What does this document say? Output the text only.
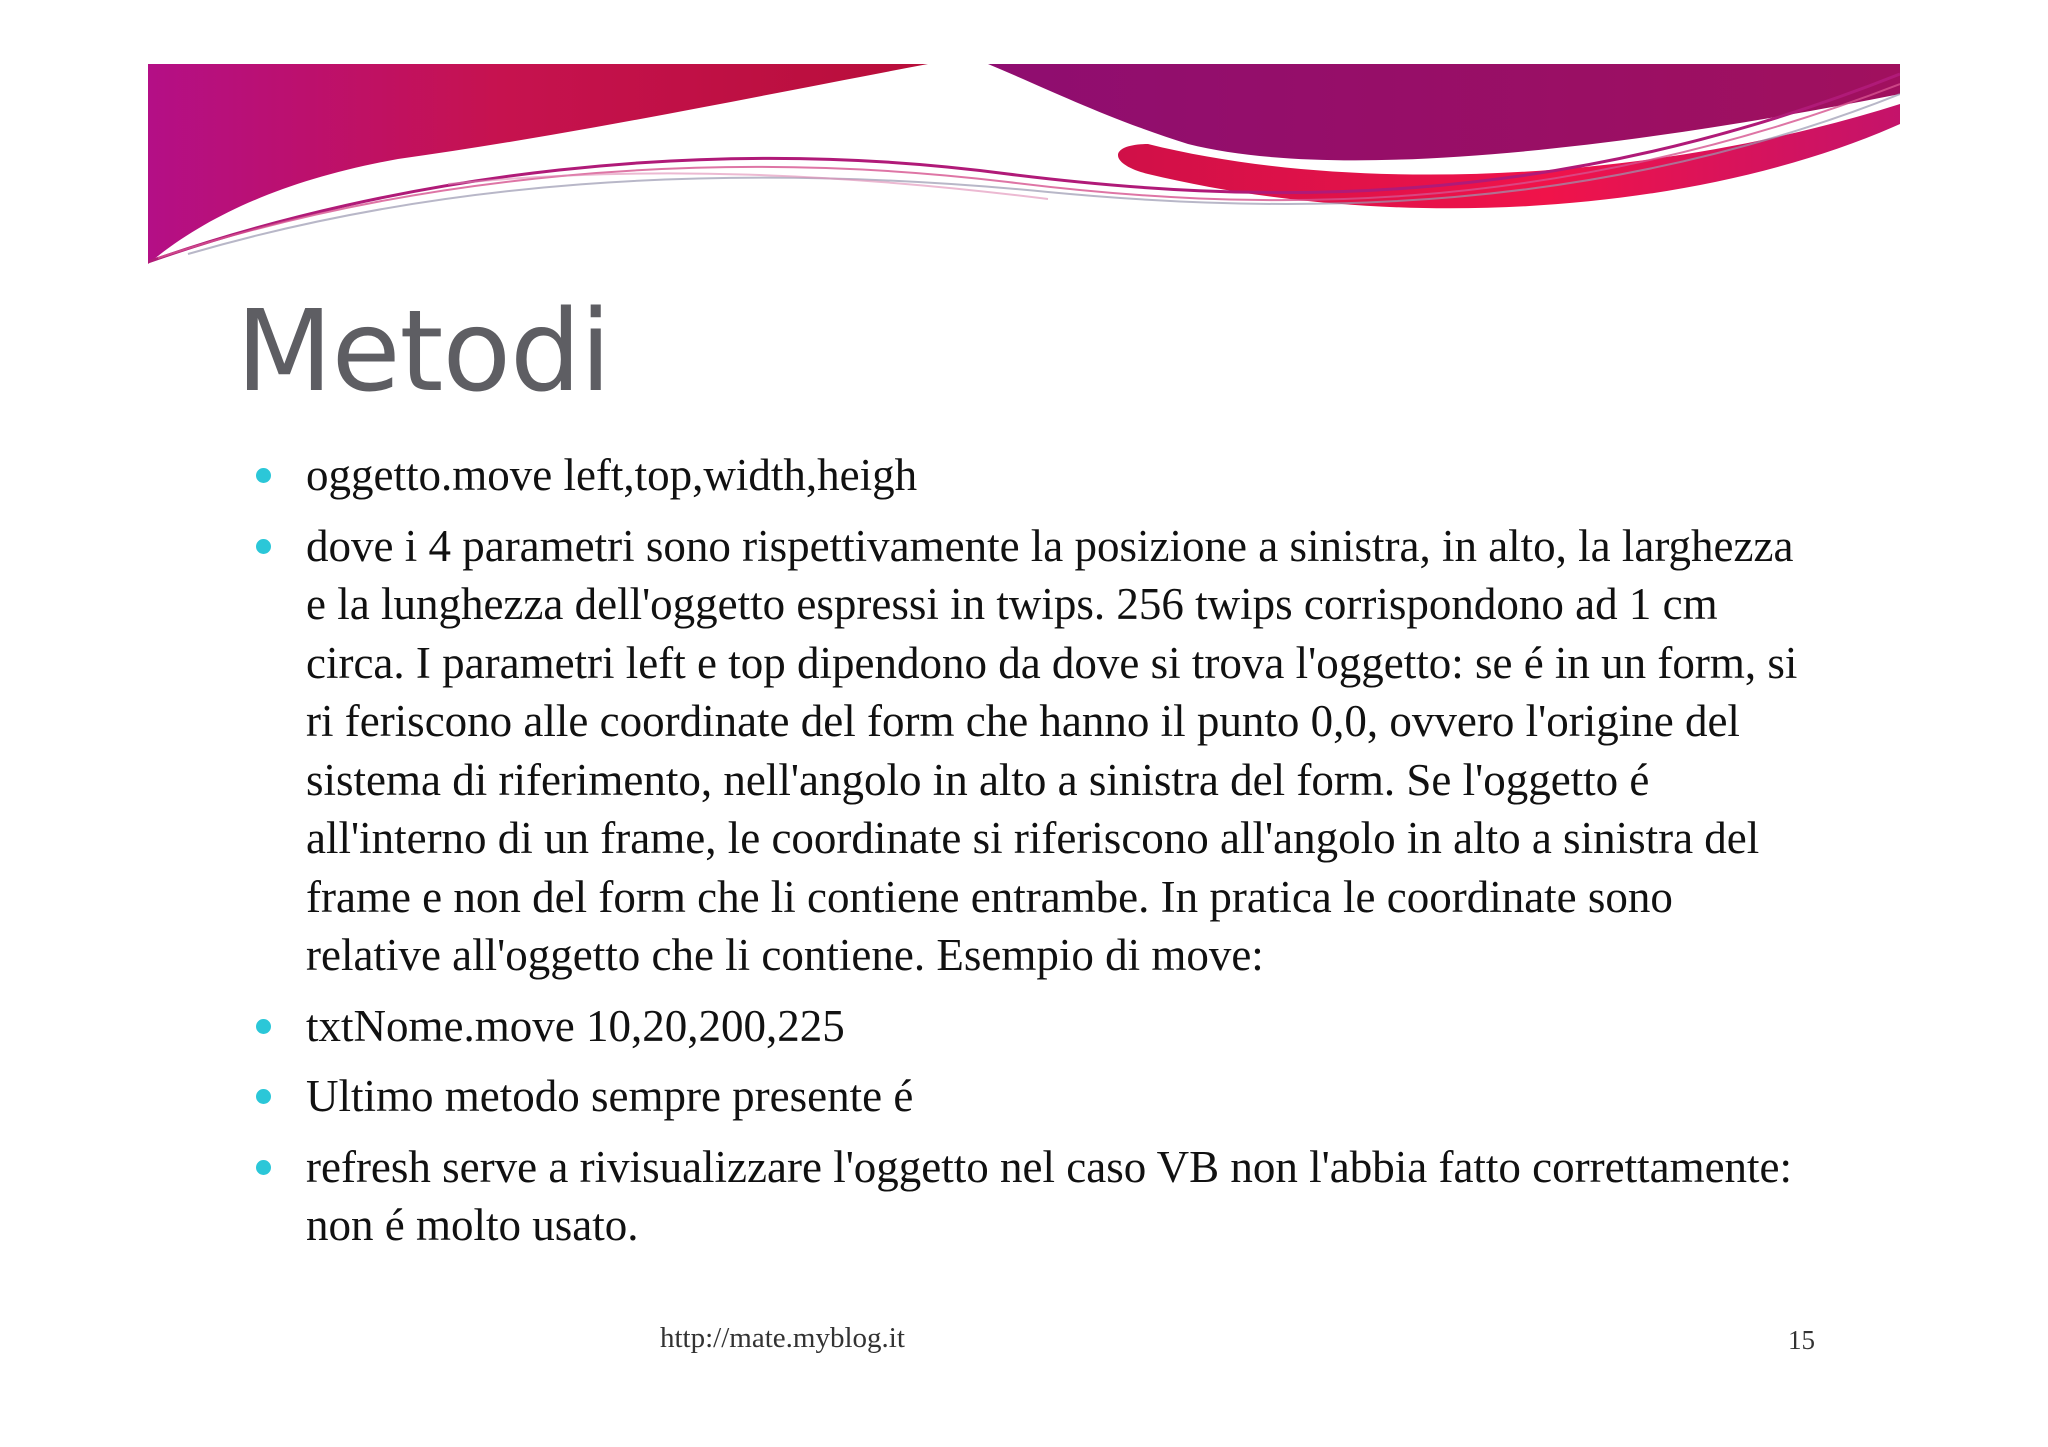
Metodi
oggetto.move left,top,width,heigh
dove i 4 parametri sono rispettivamente la posizione a sinistra, in alto, la larghezza e la lunghezza dell'oggetto espressi in twips. 256 twips corrispondono ad 1 cm circa. I parametri left e top dipendono da dove si trova l'oggetto: se é in un form, si ri feriscono alle coordinate del form che hanno il punto 0,0, ovvero l'origine del sistema di riferimento, nell'angolo in alto a sinistra del form. Se l'oggetto é all'interno di un frame, le coordinate si riferiscono all'angolo in alto a sinistra del frame e non del form che li contiene entrambe. In pratica le coordinate sono relative all'oggetto che li contiene. Esempio di move:
txtNome.move 10,20,200,225
Ultimo metodo sempre presente é
refresh serve a rivisualizzare l'oggetto nel caso VB non l'abbia fatto correttamente: non é molto usato.
http://mate.myblog.it	15
